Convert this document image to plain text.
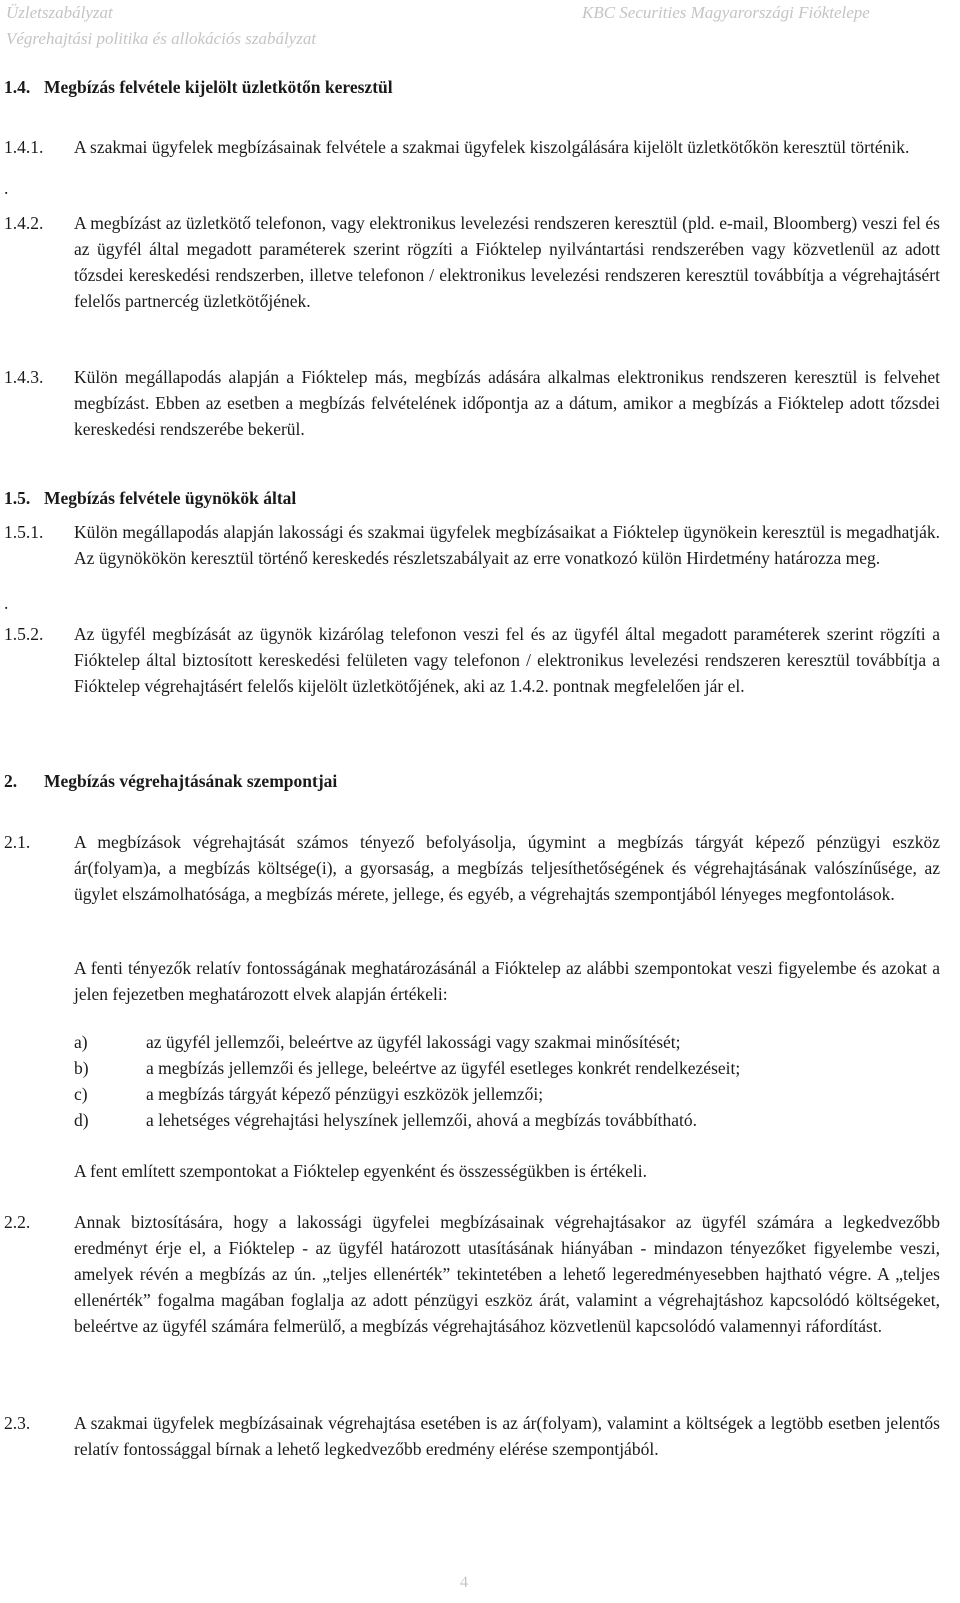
Üzletszabályzat
Végrehajtási politika és allokációs szabályzat
KBC Securities Magyarországi Fióktelepe
1.4. Megbízás felvétele kijelölt üzletkötőn keresztül
1.4.1. A szakmai ügyfelek megbízásainak felvétele a szakmai ügyfelek kiszolgálására kijelölt üzletkötőkön keresztül történik.
.
1.4.2. A megbízást az üzletkötő telefonon, vagy elektronikus levelezési rendszeren keresztül (pld. e-mail, Bloomberg) veszi fel és az ügyfél által megadott paraméterek szerint rögzíti a Fióktelep nyilvántartási rendszerében vagy közvetlenül az adott tőzsdei kereskedési rendszerben, illetve telefonon / elektronikus levelezési rendszeren keresztül továbbítja a végrehajtásért felelős partnercég üzletkötőjének.
1.4.3. Külön megállapodás alapján a Fióktelep más, megbízás adására alkalmas elektronikus rendszeren keresztül is felvehet megbízást. Ebben az esetben a megbízás felvételének időpontja az a dátum, amikor a megbízás a Fióktelep adott tőzsdei kereskedési rendszerébe bekerül.
1.5. Megbízás felvétele ügynökök által
1.5.1. Külön megállapodás alapján lakossági és szakmai ügyfelek megbízásaikat a Fióktelep ügynökein keresztül is megadhatják. Az ügynökökön keresztül történő kereskedés részletszabályait az erre vonatkozó külön Hirdetmény határozza meg.
.
1.5.2. Az ügyfél megbízását az ügynök kizárólag telefonon veszi fel és az ügyfél által megadott paraméterek szerint rögzíti a Fióktelep által biztosított kereskedési felületen vagy telefonon / elektronikus levelezési rendszeren keresztül továbbítja a Fióktelep végrehajtásért felelős kijelölt üzletkötőjének, aki az 1.4.2. pontnak megfelelően jár el.
2. Megbízás végrehajtásának szempontjai
2.1.	A megbízások végrehajtását számos tényező befolyásolja, úgymint a megbízás tárgyát képező pénzügyi eszköz ár(folyam)a, a megbízás költsége(i), a gyorsaság, a megbízás teljesíthetőségének és végrehajtásának valószínűsége, az ügylet elszámolhatósága, a megbízás mérete, jellege, és egyéb, a végrehajtás szempontjából lényeges megfontolások.
A fenti tényezők relatív fontosságának meghatározásánál a Fióktelep az alábbi szempontokat veszi figyelembe és azokat a jelen fejezetben meghatározott elvek alapján értékeli:
a)	az ügyfél jellemzői, beleértve az ügyfél lakossági vagy szakmai minősítését;
b)	a megbízás jellemzői és jellege, beleértve az ügyfél esetleges konkrét rendelkezéseit;
c)	a megbízás tárgyát képező pénzügyi eszközök jellemzői;
d)	a lehetséges végrehajtási helyszínek jellemzői, ahová a megbízás továbbítható.
A fent említett szempontokat a Fióktelep egyenként és összességükben is értékeli.
2.2.	Annak biztosítására, hogy a lakossági ügyfelei megbízásainak végrehajtásakor az ügyfél számára a legkedvezőbb eredményt érje el, a Fióktelep - az ügyfél határozott utasításának hiányában - mindazon tényezőket figyelembe veszi, amelyek révén a megbízás az ún. „teljes ellenérték” tekintetében a lehető legeredményesebben hajtható végre. A „teljes ellenérték” fogalma magában foglalja az adott pénzügyi eszköz árát, valamint a végrehajtáshoz kapcsolódó költségeket, beleértve az ügyfél számára felmerülő, a megbízás végrehajtásához közvetlenül kapcsolódó valamennyi ráfordítást.
2.3.	A szakmai ügyfelek megbízásainak végrehajtása esetében is az ár(folyam), valamint a költségek a legtöbb esetben jelentős relatív fontossággal bírnak a lehető legkedvezőbb eredmény elérése szempontjából.
4
